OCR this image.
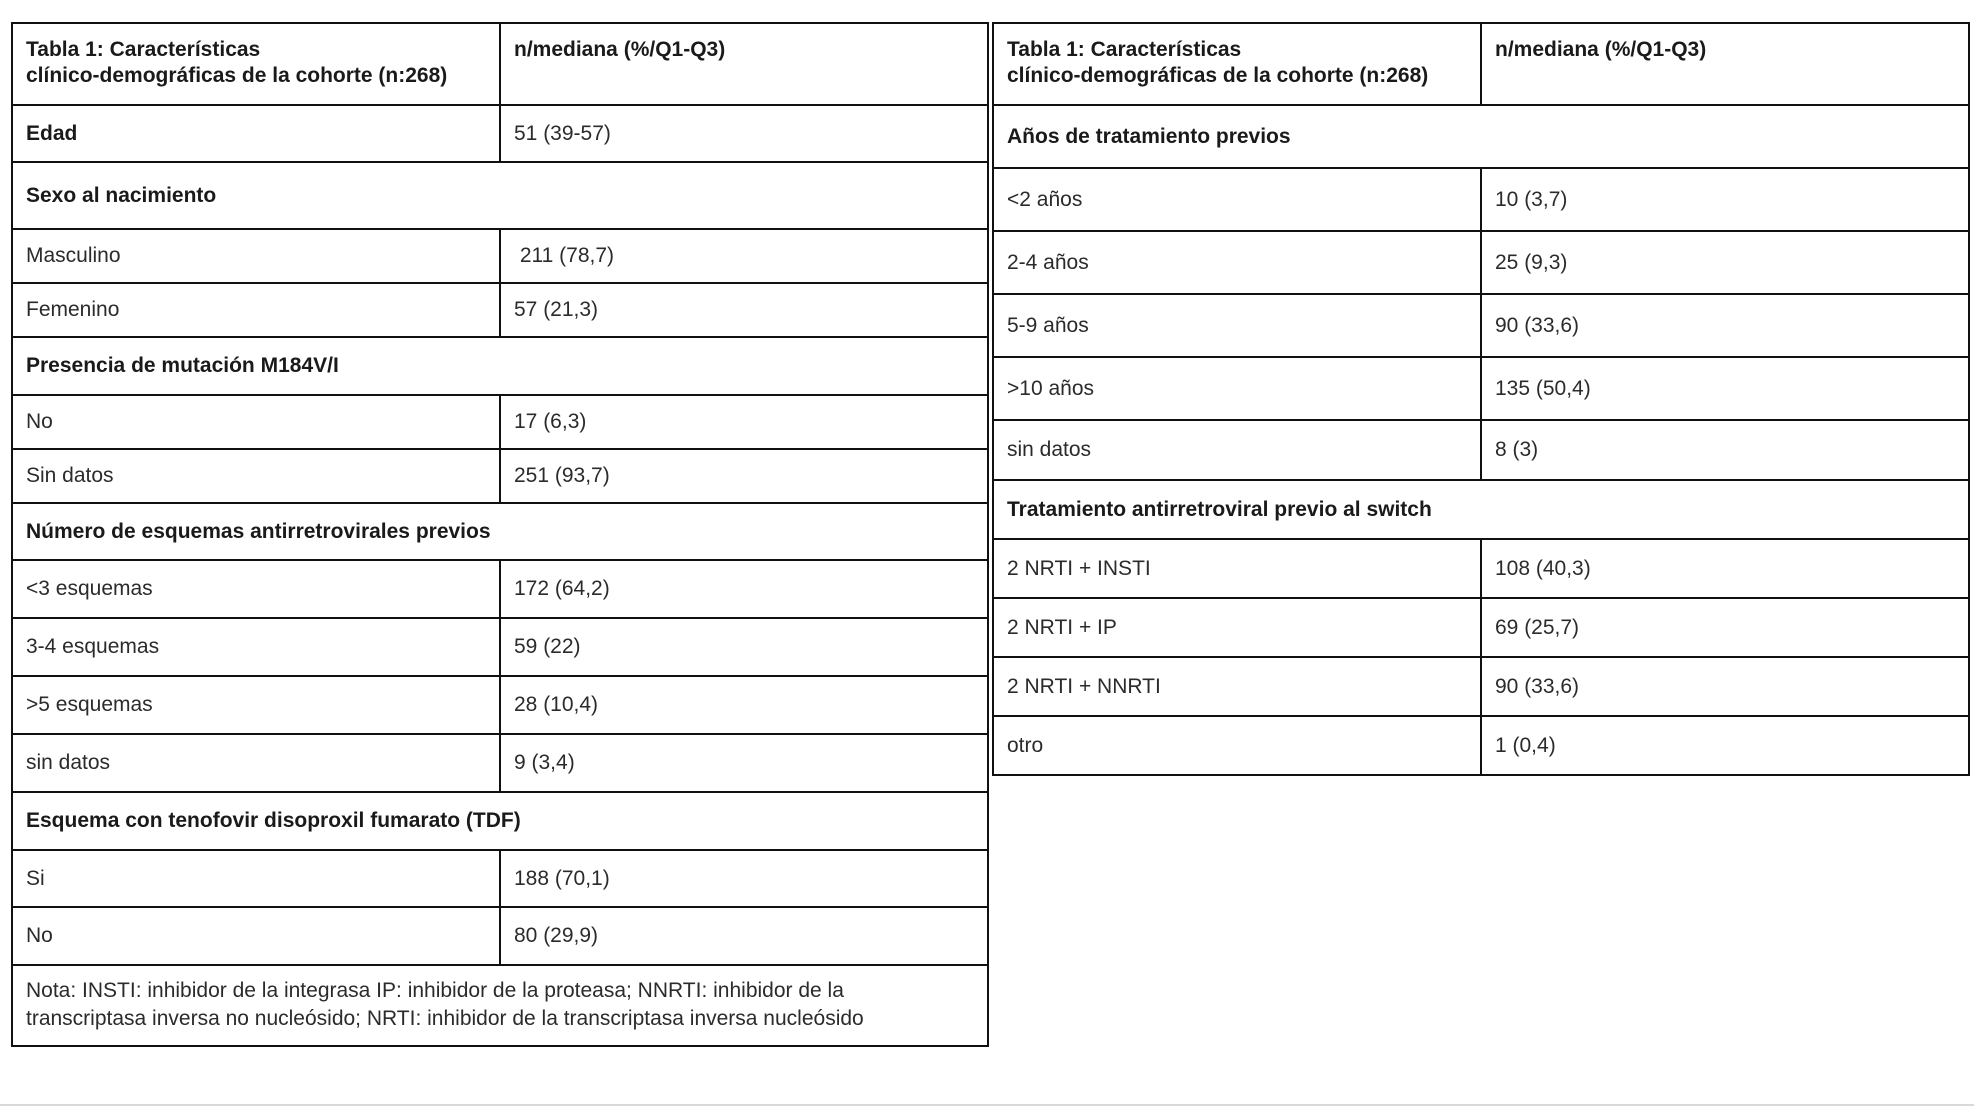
Tabla 1: Características
clínico-demográficas de la cohorte (n:268)	n/mediana (%/Q1-Q3)
Edad	51 (39-57)
Sexo al nacimiento	
Masculino	211 (78,7)
Femenino	57 (21,3)
Presencia de mutación M184V/I	
No	17 (6,3)
Sin datos	251 (93,7)
Número de esquemas antirretrovirales previos	
<3 esquemas	172 (64,2)
3-4 esquemas	59 (22)
>5 esquemas	28 (10,4)
sin datos	9 (3,4)
Esquema con tenofovir disoproxil fumarato (TDF)	
Si	188 (70,1)
No	80 (29,9)

Nota: INSTI: inhibidor de la integrasa IP: inhibidor de la proteasa; NNRTI: inhibidor de la
transcriptasa inversa no nucleósido; NRTI: inhibidor de la transcriptasa inversa nucleósido	
Tabla 1: Características
clínico-demográficas de la cohorte (n:268)	n/mediana (%/Q1-Q3)
Años de tratamiento previos	
<2 años	10 (3,7)
2-4 años	25 (9,3)
5-9 años	90 (33,6)
>10 años	135 (50,4)
sin datos	8 (3)
Tratamiento antirretroviral previo al switch	
2 NRTI + INSTI	108 (40,3)
2 NRTI + IP	69 (25,7)
2 NRTI + NNRTI	90 (33,6)
otro	1 (0,4)
